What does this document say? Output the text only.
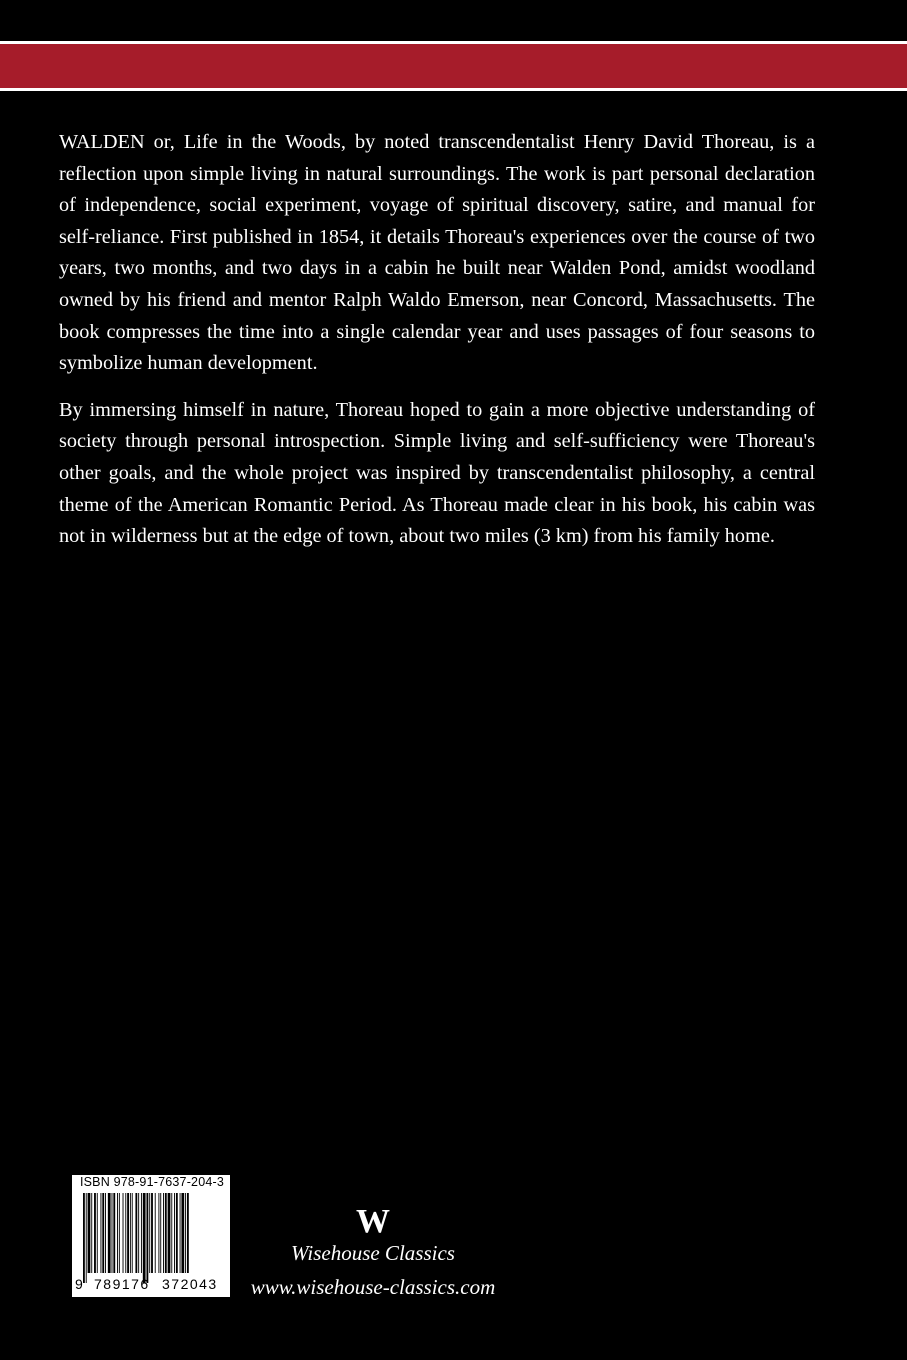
WALDEN or, Life in the Woods, by noted transcendentalist Henry David Thoreau, is a reflection upon simple living in natural surroundings. The work is part personal declaration of independence, social experiment, voyage of spiritual discovery, satire, and manual for self-reliance. First published in 1854, it details Thoreau's experiences over the course of two years, two months, and two days in a cabin he built near Walden Pond, amidst woodland owned by his friend and mentor Ralph Waldo Emerson, near Concord, Massachusetts. The book compresses the time into a single calendar year and uses passages of four seasons to symbolize human development.

By immersing himself in nature, Thoreau hoped to gain a more objective understanding of society through personal introspection. Simple living and self-sufficiency were Thoreau's other goals, and the whole project was inspired by transcendentalist philosophy, a central theme of the American Romantic Period. As Thoreau made clear in his book, his cabin was not in wilderness but at the edge of town, about two miles (3 km) from his family home.

ISBN 978-91-7637-204-3
9 789176 372043
W
Wisehouse Classics
www.wisehouse-classics.com
